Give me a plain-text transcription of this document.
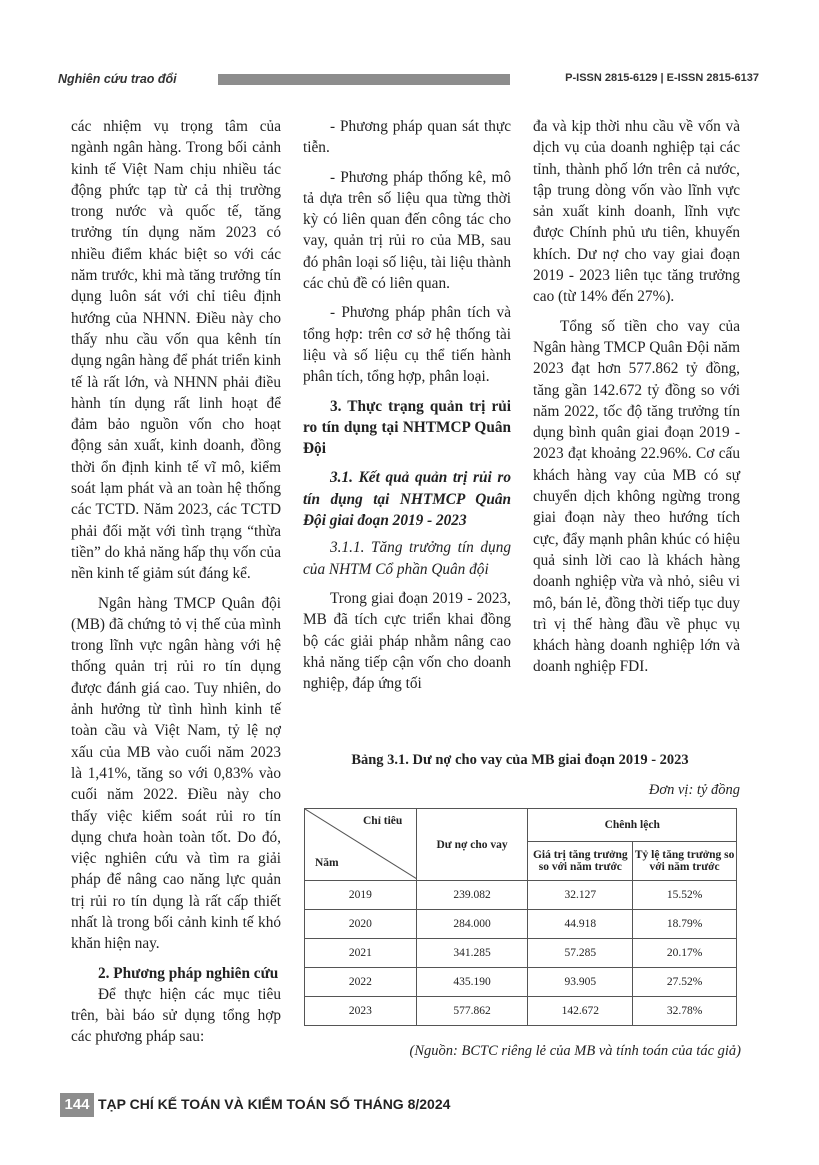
Nghiên cứu trao đổi	P-ISSN 2815-6129 | E-ISSN 2815-6137

các nhiệm vụ trọng tâm của ngành ngân hàng. Trong bối cảnh kinh tế Việt Nam chịu nhiều tác động phức tạp từ cả thị trường trong nước và quốc tế, tăng trưởng tín dụng năm 2023 có nhiều điểm khác biệt so với các năm trước, khi mà tăng trưởng tín dụng luôn sát với chỉ tiêu định hướng của NHNN. Điều này cho thấy nhu cầu vốn qua kênh tín dụng ngân hàng để phát triển kinh tế là rất lớn, và NHNN phải điều hành tín dụng rất linh hoạt để đảm bảo nguồn vốn cho hoạt động sản xuất, kinh doanh, đồng thời ổn định kinh tế vĩ mô, kiểm soát lạm phát và an toàn hệ thống các TCTD. Năm 2023, các TCTD phải đối mặt với tình trạng “thừa tiền” do khả năng hấp thụ vốn của nền kinh tế giảm sút đáng kể.

Ngân hàng TMCP Quân đội (MB) đã chứng tỏ vị thế của mình trong lĩnh vực ngân hàng với hệ thống quản trị rủi ro tín dụng được đánh giá cao. Tuy nhiên, do ảnh hưởng từ tình hình kinh tế toàn cầu và Việt Nam, tỷ lệ nợ xấu của MB vào cuối năm 2023 là 1,41%, tăng so với 0,83% vào cuối năm 2022. Điều này cho thấy việc kiểm soát rủi ro tín dụng chưa hoàn toàn tốt. Do đó, việc nghiên cứu và tìm ra giải pháp để nâng cao năng lực quản trị rủi ro tín dụng là rất cấp thiết nhất là trong bối cảnh kinh tế khó khăn hiện nay.

2. Phương pháp nghiên cứu

Để thực hiện các mục tiêu trên, bài báo sử dụng tổng hợp các phương pháp sau:

- Phương pháp quan sát thực tiễn.

- Phương pháp thống kê, mô tả dựa trên số liệu qua từng thời kỳ có liên quan đến công tác cho vay, quản trị rủi ro của MB, sau đó phân loại số liệu, tài liệu thành các chủ đề có liên quan.

- Phương pháp phân tích và tổng hợp: trên cơ sở hệ thống tài liệu và số liệu cụ thể tiến hành phân tích, tổng hợp, phân loại.

3. Thực trạng quản trị rủi ro tín dụng tại NHTMCP Quân Đội
3.1. Kết quả quản trị rủi ro tín dụng tại NHTMCP Quân Đội giai đoạn 2019 - 2023
3.1.1. Tăng trưởng tín dụng của NHTM Cổ phần Quân đội

Trong giai đoạn 2019 - 2023, MB đã tích cực triển khai đồng bộ các giải pháp nhằm nâng cao khả năng tiếp cận vốn cho doanh nghiệp, đáp ứng tối

đa và kịp thời nhu cầu về vốn và dịch vụ của doanh nghiệp tại các tỉnh, thành phố lớn trên cả nước, tập trung dòng vốn vào lĩnh vực sản xuất kinh doanh, lĩnh vực được Chính phủ ưu tiên, khuyến khích. Dư nợ cho vay giai đoạn 2019 - 2023 liên tục tăng trưởng cao (từ 14% đến 27%).

Tổng số tiền cho vay của Ngân hàng TMCP Quân Đội năm 2023 đạt hơn 577.862 tỷ đồng, tăng gần 142.672 tỷ đồng so với năm 2022, tốc độ tăng trưởng tín dụng bình quân giai đoạn 2019 - 2023 đạt khoảng 22.96%. Cơ cấu khách hàng vay của MB có sự chuyển dịch không ngừng trong giai đoạn này theo hướng tích cực, đẩy mạnh phân khúc có hiệu quả sinh lời cao là khách hàng doanh nghiệp vừa và nhỏ, siêu vi mô, bán lẻ, đồng thời tiếp tục duy trì vị thế hàng đầu về phục vụ khách hàng doanh nghiệp lớn và doanh nghiệp FDI.

Bảng 3.1. Dư nợ cho vay của MB giai đoạn 2019 - 2023
Đơn vị: tỷ đồng
Chỉ tiêu
Năm	Dư nợ cho vay	Chênh lệch	
		Giá trị tăng trưởng so với năm trước	Tỷ lệ tăng trưởng so với năm trước
2019	239.082	32.127	15.52%
2020	284.000	44.918	18.79%
2021	341.285	57.285	20.17%
2022	435.190	93.905	27.52%
2023	577.862	142.672	32.78%
(Nguồn: BCTC riêng lẻ của MB và tính toán của tác giả)
144 TẠP CHÍ KẾ TOÁN VÀ KIỂM TOÁN SỐ THÁNG 8/2024
